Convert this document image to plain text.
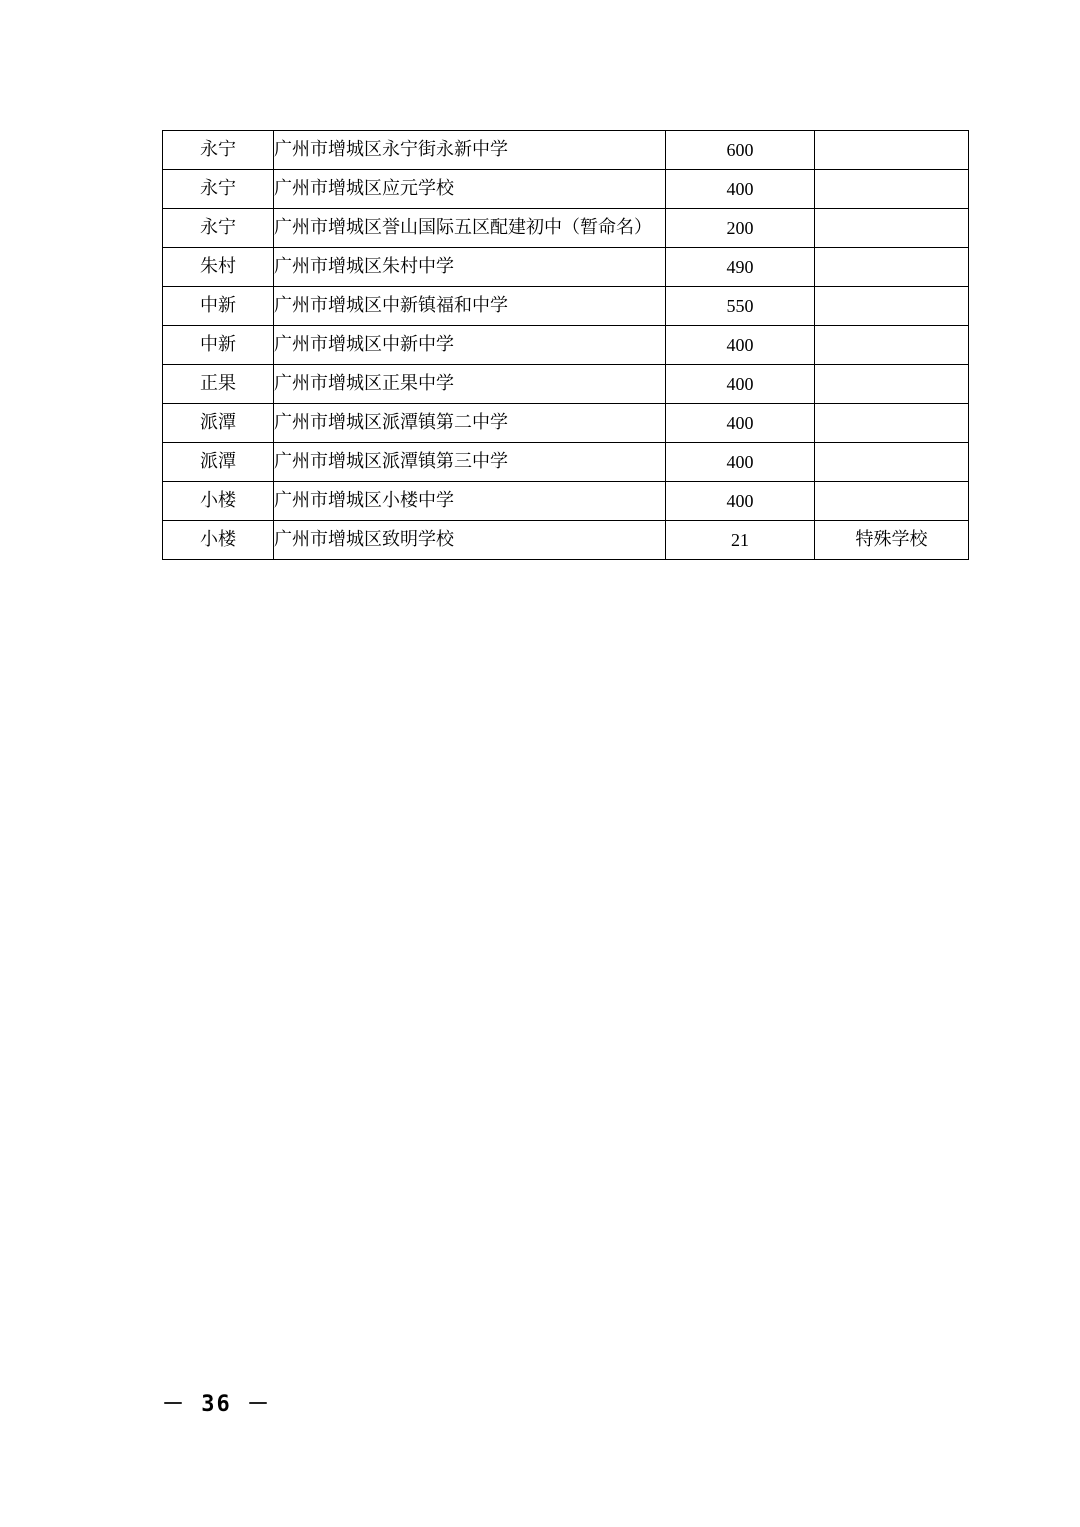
永宁	广州市增城区永宁街永新中学	600	
永宁	广州市增城区应元学校	400	
永宁	广州市增城区誉山国际五区配建初中（暂命名）	200	
朱村	广州市增城区朱村中学	490	
中新	广州市增城区中新镇福和中学	550	
中新	广州市增城区中新中学	400	
正果	广州市增城区正果中学	400	
派潭	广州市增城区派潭镇第二中学	400	
派潭	广州市增城区派潭镇第三中学	400	
小楼	广州市增城区小楼中学	400	
小楼	广州市增城区致明学校	21	特殊学校
－ 36 －
